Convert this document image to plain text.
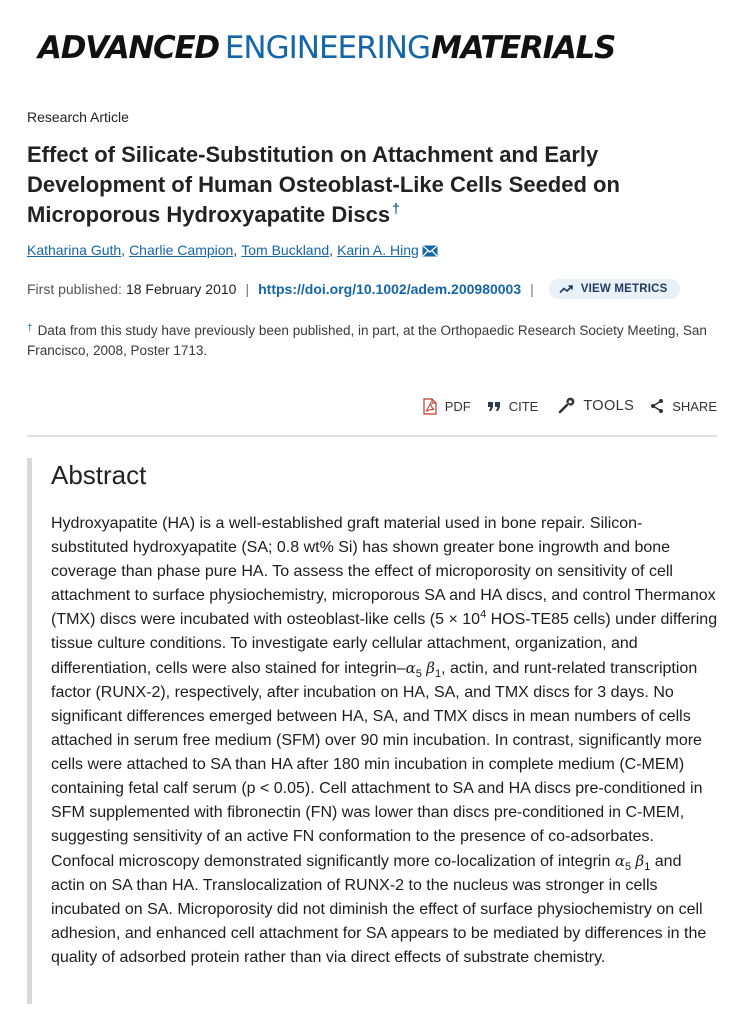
ADVANCED ENGINEERING MATERIALS
Research Article
Effect of Silicate-Substitution on Attachment and Early Development of Human Osteoblast-Like Cells Seeded on Microporous Hydroxyapatite Discs †
Katharina Guth, Charlie Campion, Tom Buckland, Karin A. Hing
First published: 18 February 2010 | https://doi.org/10.1002/adem.200980003 |	VIEW METRICS
† Data from this study have previously been published, in part, at the Orthopaedic Research Society Meeting, San Francisco, 2008, Poster 1713.
PDF	CITE	TOOLS	SHARE
Abstract

Hydroxyapatite (HA) is a well-established graft material used in bone repair. Silicon-substituted hydroxyapatite (SA; 0.8 wt% Si) has shown greater bone ingrowth and bone coverage than phase pure HA. To assess the effect of microporosity on sensitivity of cell attachment to surface physiochemistry, microporous SA and HA discs, and control Thermanox (TMX) discs were incubated with osteoblast-like cells ($5 \times 10^4$ HOS-TE85 cells) under differing tissue culture conditions. To investigate early cellular attachment, organization, and differentiation, cells were also stained for integrin–$\alpha_5$ $\beta_1$, actin, and runt-related transcription factor (RUNX-2), respectively, after incubation on HA, SA, and TMX discs for 3 days. No significant differences emerged between HA, SA, and TMX discs in mean numbers of cells attached in serum free medium (SFM) over 90 min incubation. In contrast, significantly more cells were attached to SA than HA after 180 min incubation in complete medium (C-MEM) containing fetal calf serum (p < 0.05). Cell attachment to SA and HA discs pre-conditioned in SFM supplemented with fibronectin (FN) was lower than discs pre-conditioned in C-MEM, suggesting sensitivity of an active FN conformation to the presence of co-adsorbates. Confocal microscopy demonstrated significantly more co-localization of integrin $\alpha_5$ $\beta_1$ and actin on SA than HA. Translocalization of RUNX-2 to the nucleus was stronger in cells incubated on SA. Microporosity did not diminish the effect of surface physiochemistry on cell adhesion, and enhanced cell attachment for SA appears to be mediated by differences in the quality of adsorbed protein rather than via direct effects of substrate chemistry.
